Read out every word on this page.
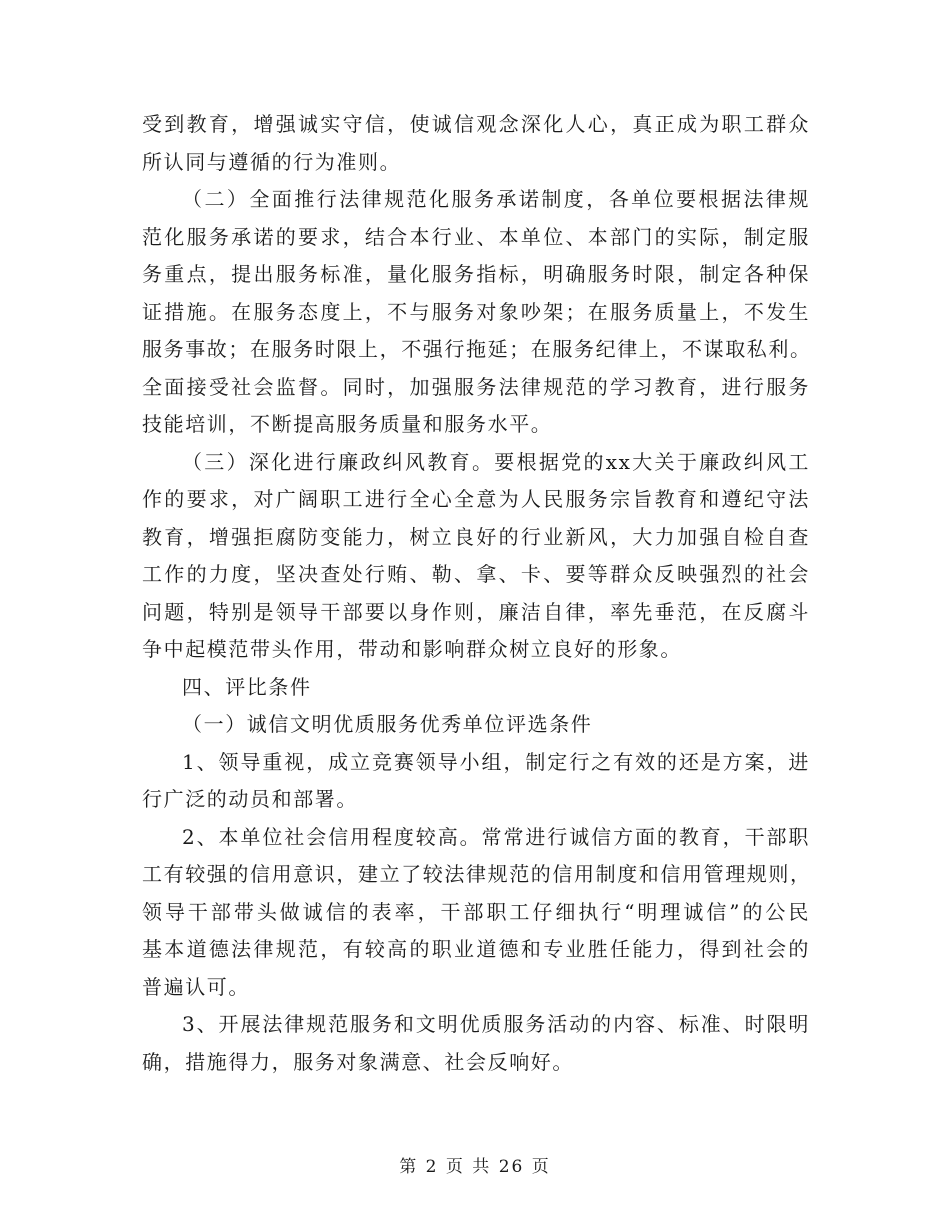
受到教育，增强诚实守信，使诚信观念深化人心，真正成为职工群众
所认同与遵循的行为准则。
（二）全面推行法律规范化服务承诺制度，各单位要根据法律规
范化服务承诺的要求，结合本行业、本单位、本部门的实际，制定服
务重点，提出服务标准，量化服务指标，明确服务时限，制定各种保
证措施。在服务态度上，不与服务对象吵架；在服务质量上，不发生
服务事故；在服务时限上，不强行拖延；在服务纪律上，不谋取私利。
全面接受社会监督。同时，加强服务法律规范的学习教育，进行服务
技能培训，不断提高服务质量和服务水平。
（三）深化进行廉政纠风教育。要根据党的xx大关于廉政纠风工
作的要求，对广阔职工进行全心全意为人民服务宗旨教育和遵纪守法
教育，增强拒腐防变能力，树立良好的行业新风，大力加强自检自查
工作的力度，坚决查处行贿、勒、拿、卡、要等群众反映强烈的社会
问题，特别是领导干部要以身作则，廉洁自律，率先垂范，在反腐斗
争中起模范带头作用，带动和影响群众树立良好的形象。
四、评比条件
（一）诚信文明优质服务优秀单位评选条件
1、领导重视，成立竞赛领导小组，制定行之有效的还是方案，进
行广泛的动员和部署。
2、本单位社会信用程度较高。常常进行诚信方面的教育，干部职
工有较强的信用意识，建立了较法律规范的信用制度和信用管理规则，
领导干部带头做诚信的表率，干部职工仔细执行“明理诚信”的公民
基本道德法律规范，有较高的职业道德和专业胜任能力，得到社会的
普遍认可。
3、开展法律规范服务和文明优质服务活动的内容、标准、时限明
确，措施得力，服务对象满意、社会反响好。
第 2 页 共 26 页
